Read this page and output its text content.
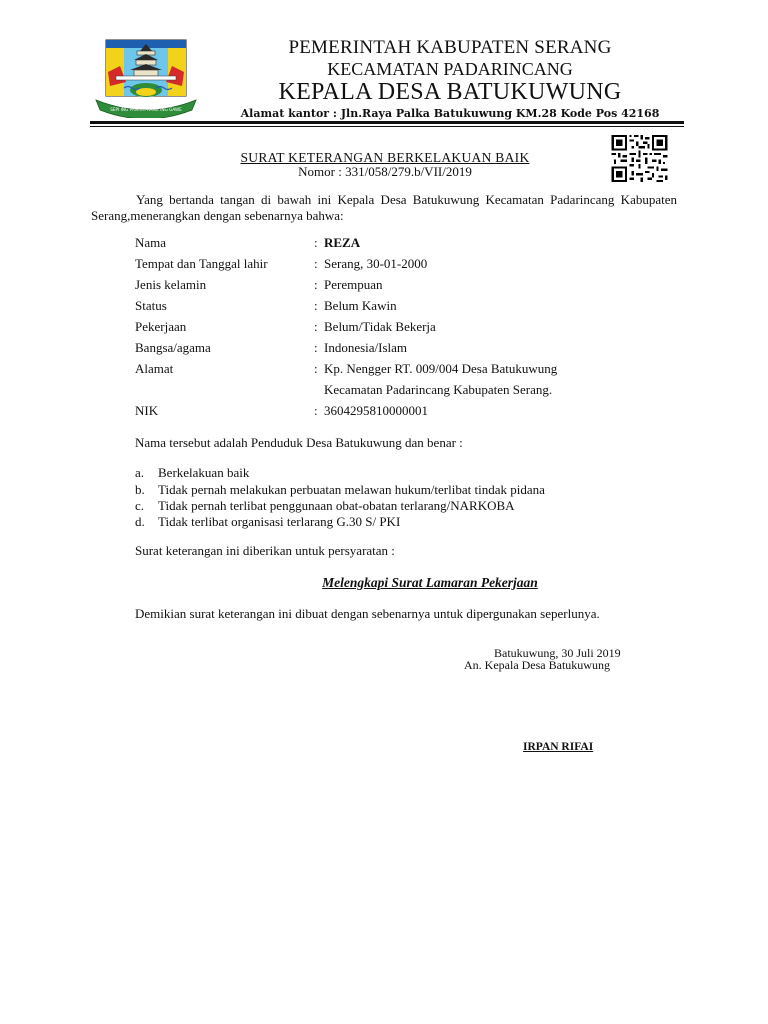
SEPI ING PAMRIH RAME ING GAWE
PEMERINTAH KABUPATEN SERANG
KECAMATAN PADARINCANG
KEPALA DESA BATUKUWUNG
Alamat kantor : Jln.Raya Palka Batukuwung KM.28 Kode Pos 42168
SURAT KETERANGAN BERKELAKUAN BAIK
Nomor : 331/058/279.b/VII/2019
Yang bertanda tangan di bawah ini Kepala Desa Batukuwung Kecamatan Padarincang Kabupaten Serang,menerangkan dengan sebenarnya bahwa:
Nama	: REZA
Tempat dan Tanggal lahir	: Serang, 30-01-2000
Jenis kelamin	: Perempuan
Status	: Belum Kawin
Pekerjaan	: Belum/Tidak Bekerja
Bangsa/agama	: Indonesia/Islam
Alamat	: Kp. Nengger RT. 009/004 Desa Batukuwung
Kecamatan Padarincang Kabupaten Serang.
NIK	: 3604295810000001
Nama tersebut adalah Penduduk Desa Batukuwung dan benar :
a. Berkelakuan baik
b. Tidak pernah melakukan perbuatan melawan hukum/terlibat tindak pidana
c. Tidak pernah terlibat penggunaan obat-obatan terlarang/NARKOBA
d. Tidak terlibat organisasi terlarang G.30 S/ PKI
Surat keterangan ini diberikan untuk persyaratan :
Melengkapi Surat Lamaran Pekerjaan
Demikian surat keterangan ini dibuat dengan sebenarnya untuk dipergunakan seperlunya.
Batukuwung, 30 Juli 2019
An. Kepala Desa Batukuwung
IRPAN RIFAI
